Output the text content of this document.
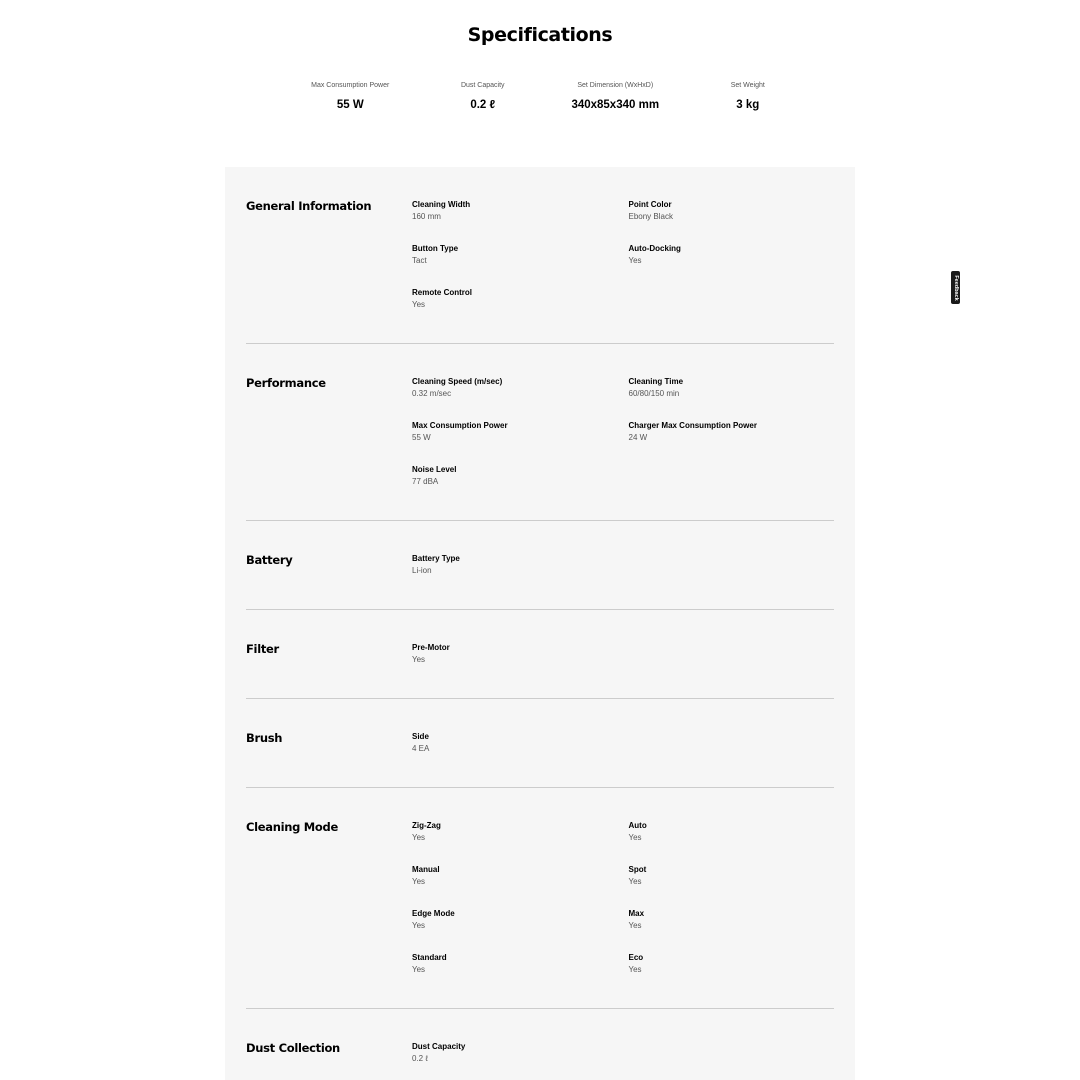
Specifications
Max Consumption Power
55 W
Dust Capacity
0.2 ℓ
Set Dimension (WxHxD)
340x85x340 mm
Set Weight
3 kg
General Information	Cleaning Width
160 mm
Point Color
Ebony Black
Button Type
Tact
Auto-Docking
Yes
Remote Control
Yes
Performance	Cleaning Speed (m/sec)
0.32 m/sec
Cleaning Time
60/80/150 min
Max Consumption Power
55 W
Charger Max Consumption Power
24 W
Noise Level
77 dBA
Battery	Battery Type
Li-ion
Filter	Pre-Motor
Yes
Brush	Side
4 EA
Cleaning Mode	Zig-Zag
Yes
Auto
Yes
Manual
Yes
Spot
Yes
Edge Mode
Yes
Max
Yes
Standard
Yes
Eco
Yes
Dust Collection	Dust Capacity
0.2 ℓ
Feedback
